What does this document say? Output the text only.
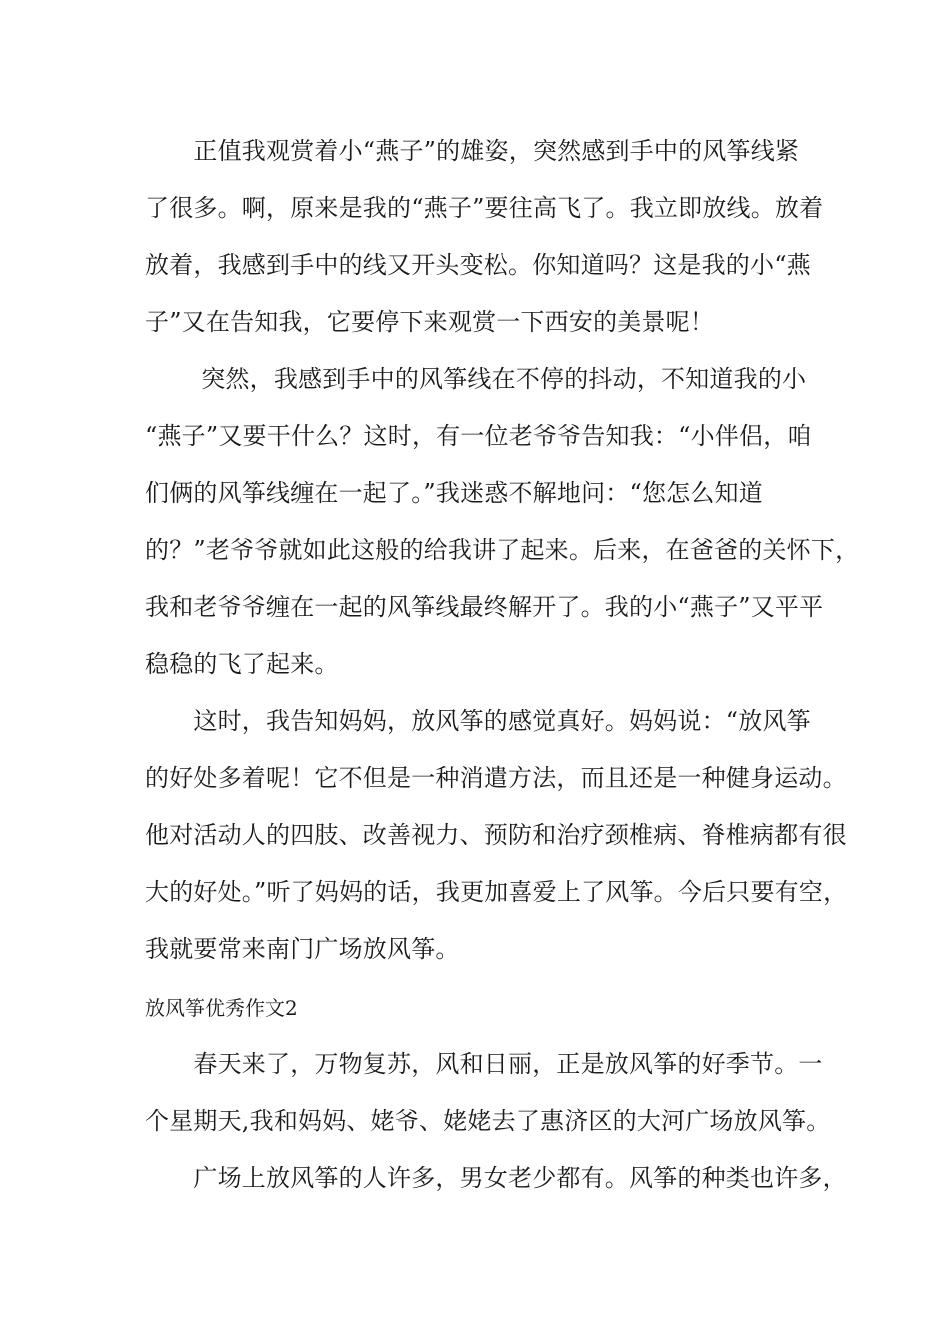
　　正值我观赏着小“燕子”的雄姿，突然感到手中的风筝线紧
了很多。啊，原来是我的“燕子”要往高飞了。我立即放线。放着
放着，我感到手中的线又开头变松。你知道吗？这是我的小“燕
子”又在告知我，它要停下来观赏一下西安的美景呢！
　　 突然，我感到手中的风筝线在不停的抖动，不知道我的小
“燕子”又要干什么？这时，有一位老爷爷告知我：“小伴侣，咱
们俩的风筝线缠在一起了。”我迷惑不解地问：“您怎么知道
的？”老爷爷就如此这般的给我讲了起来。后来，在爸爸的关怀下，
我和老爷爷缠在一起的风筝线最终解开了。我的小“燕子”又平平
稳稳的飞了起来。
　　这时，我告知妈妈，放风筝的感觉真好。妈妈说：“放风筝
的好处多着呢！它不但是一种消遣方法，而且还是一种健身运动。
他对活动人的四肢、改善视力、预防和治疗颈椎病、脊椎病都有很
大的好处。”听了妈妈的话，我更加喜爱上了风筝。今后只要有空，
我就要常来南门广场放风筝。
放风筝优秀作文2
　　春天来了，万物复苏，风和日丽，正是放风筝的好季节。一
个星期天,我和妈妈、姥爷、姥姥去了惠济区的大河广场放风筝。
　　广场上放风筝的人许多，男女老少都有。风筝的种类也许多，
